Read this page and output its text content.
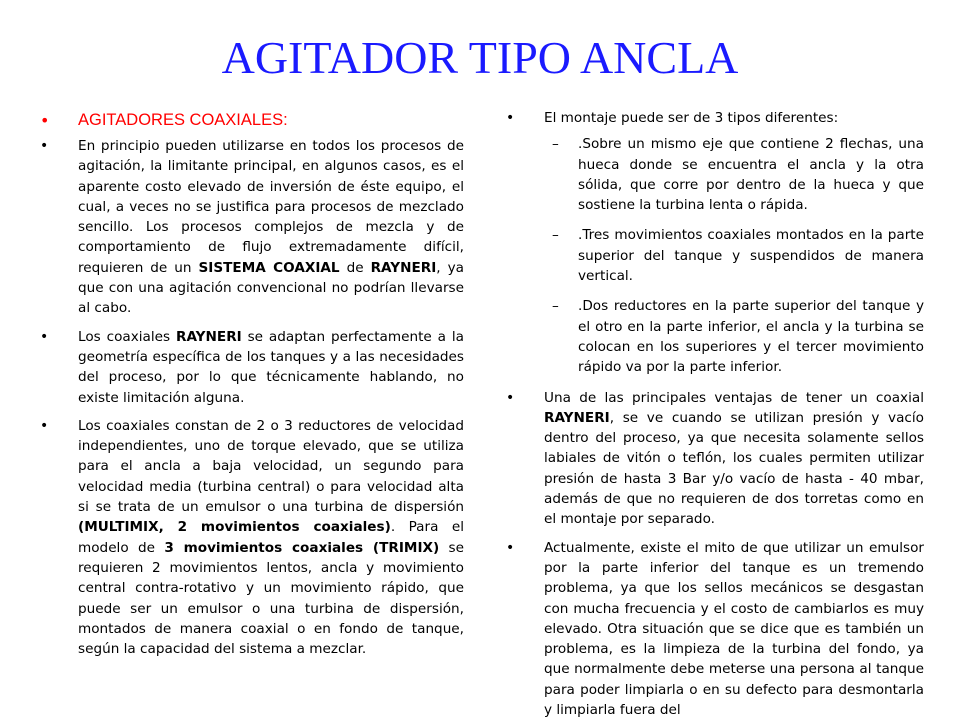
AGITADOR TIPO ANCLA
• AGITADORES COAXIALES:
• En principio pueden utilizarse en todos los procesos de agitación, la limitante principal, en algunos casos, es el aparente costo elevado de inversión de éste equipo, el cual, a veces no se justifica para procesos de mezclado sencillo. Los procesos complejos de mezcla y de comportamiento de flujo extremadamente difícil, requieren de un SISTEMA COAXIAL de RAYNERI, ya que con una agitación convencional no podrían llevarse al cabo.
• Los coaxiales RAYNERI se adaptan perfectamente a la geometría específica de los tanques y a las necesidades del proceso, por lo que técnicamente hablando, no existe limitación alguna.
• Los coaxiales constan de 2 o 3 reductores de velocidad independientes, uno de torque elevado, que se utiliza para el ancla a baja velocidad, un segundo para velocidad media (turbina central) o para velocidad alta si se trata de un emulsor o una turbina de dispersión (MULTIMIX, 2 movimientos coaxiales). Para el modelo de 3 movimientos coaxiales (TRIMIX) se requieren 2 movimientos lentos, ancla y movimiento central contra-rotativo y un movimiento rápido, que puede ser un emulsor o una turbina de dispersión, montados de manera coaxial o en fondo de tanque, según la capacidad del sistema a mezclar.
• El montaje puede ser de 3 tipos diferentes:
– .Sobre un mismo eje que contiene 2 flechas, una hueca donde se encuentra el ancla y la otra sólida, que corre por dentro de la hueca y que sostiene la turbina lenta o rápida.
– .Tres movimientos coaxiales montados en la parte superior del tanque y suspendidos de manera vertical.
– .Dos reductores en la parte superior del tanque y el otro en la parte inferior, el ancla y la turbina se colocan en los superiores y el tercer movimiento rápido va por la parte inferior.
• Una de las principales ventajas de tener un coaxial RAYNERI, se ve cuando se utilizan presión y vacío dentro del proceso, ya que necesita solamente sellos labiales de vitón o teflón, los cuales permiten utilizar presión de hasta 3 Bar y/o vacío de hasta - 40 mbar, además de que no requieren de dos torretas como en el montaje por separado.
• Actualmente, existe el mito de que utilizar un emulsor por la parte inferior del tanque es un tremendo problema, ya que los sellos mecánicos se desgastan con mucha frecuencia y el costo de cambiarlos es muy elevado. Otra situación que se dice que es también un problema, es la limpieza de la turbina del fondo, ya que normalmente debe meterse una persona al tanque para poder limpiarla o en su defecto para desmontarla y limpiarla fuera del
